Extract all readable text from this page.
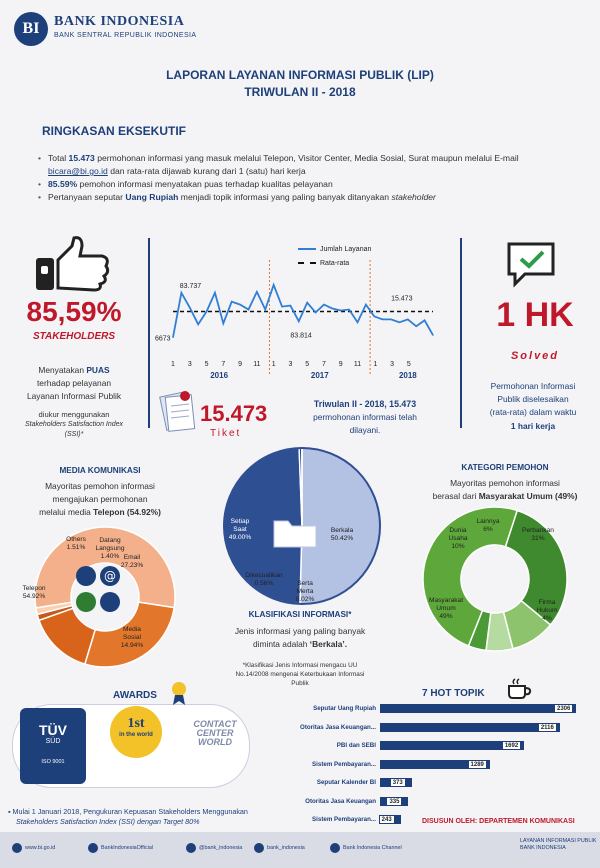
BI	BANK INDONESIA
BANK SENTRAL REPUBLIK INDONESIA
LAPORAN LAYANAN INFORMASI PUBLIK (LIP)
TRIWULAN II - 2018
RINGKASAN EKSEKUTIF
• Total 15.473 permohonan informasi yang masuk melalui Telepon, Visitor Center, Media Sosial, Surat maupun melalui E-mail bicara@bi.go.id dan rata-rata dijawab kurang dari 1 (satu) hari kerja
• 85.59% pemohon informasi menyatakan puas terhadap kualitas pelayanan
• Pertanyaan seputar Uang Rupiah menjadi topik informasi yang paling banyak ditanyakan stakeholder
85,59%
STAKEHOLDERS
Menyatakan PUAS
terhadap pelayanan
Layanan Informasi Publik
diukur menggunakan
Stakeholders Satisfaction Index
(SSI)*
6673
83.737
83.814
15.473
1 3 5 7 9 11 1 3 5 7 9 11 1 3 5
2016	2017	2018
Jumlah Layanan
Rata-rata
15.473
Tiket
Triwulan II - 2018, 15.473
permohonan informasi telah
dilayani.
1 HK
Solved
Permohonan Informasi
Publik diselesaikan
(rata-rata) dalam waktu
1 hari kerja
MEDIA KOMUNIKASI
Mayoritas pemohon informasi
mengajukan permohonan
melalui media Telepon (54.92%)
@
Others
1.51%
Datang
Langsung
1.40% Email
27.23%
Telepon
54.92%
Media
Sosial
14.94%
Setiap
Saat
49.00%
Berkala
50.42%
Dikecualikan
0.56%	Serta
Merta
0.02%
KLASIFIKASI INFORMASI*
Jenis informasi yang paling banyak
diminta adalah ‘Berkala’.
*Klasifikasi Jenis Informasi mengacu UU
No.14/2008 mengenai Keterbukaan Informasi
Publik
KATEGORI PEMOHON
Mayoritas pemohon informasi
berasal dari Masyarakat Umum (49%)
Lainnya
6%
Dunia
Usaha
10%
Perbankan
31%
Masyarakat
Umum
49%
Firma
Hukum
4%
AWARDS
TÜV
SÜD
ISO 9001
1st
in the world
CONTACT
CENTER
WORLD
7 HOT TOPIK
Seputar Uang Rupiah	2306
Otoritas Jasa Keuangan...	2116
PBI dan SEBI	1692
Sistem Pembayaran...	1289
Seputar Kalender BI	373
Otoritas Jasa Keuangan	335
Sistem Pembayaran... 243
▪ Mulai 1 Januari 2018, Pengukuran Kepuasan Stakeholders Menggunakan
Stakeholders Satisfaction Index (SSI) dengan Target 80%	DISUSUN OLEH: DEPARTEMEN KOMUNIKASI
www.bi.go.id	BankIndonesiaOfficial	@bank_indonesia	bank_indonesia	Bank Indonesia Channel
LAYANAN INFORMASI PUBLIK
BANK INDONESIA
